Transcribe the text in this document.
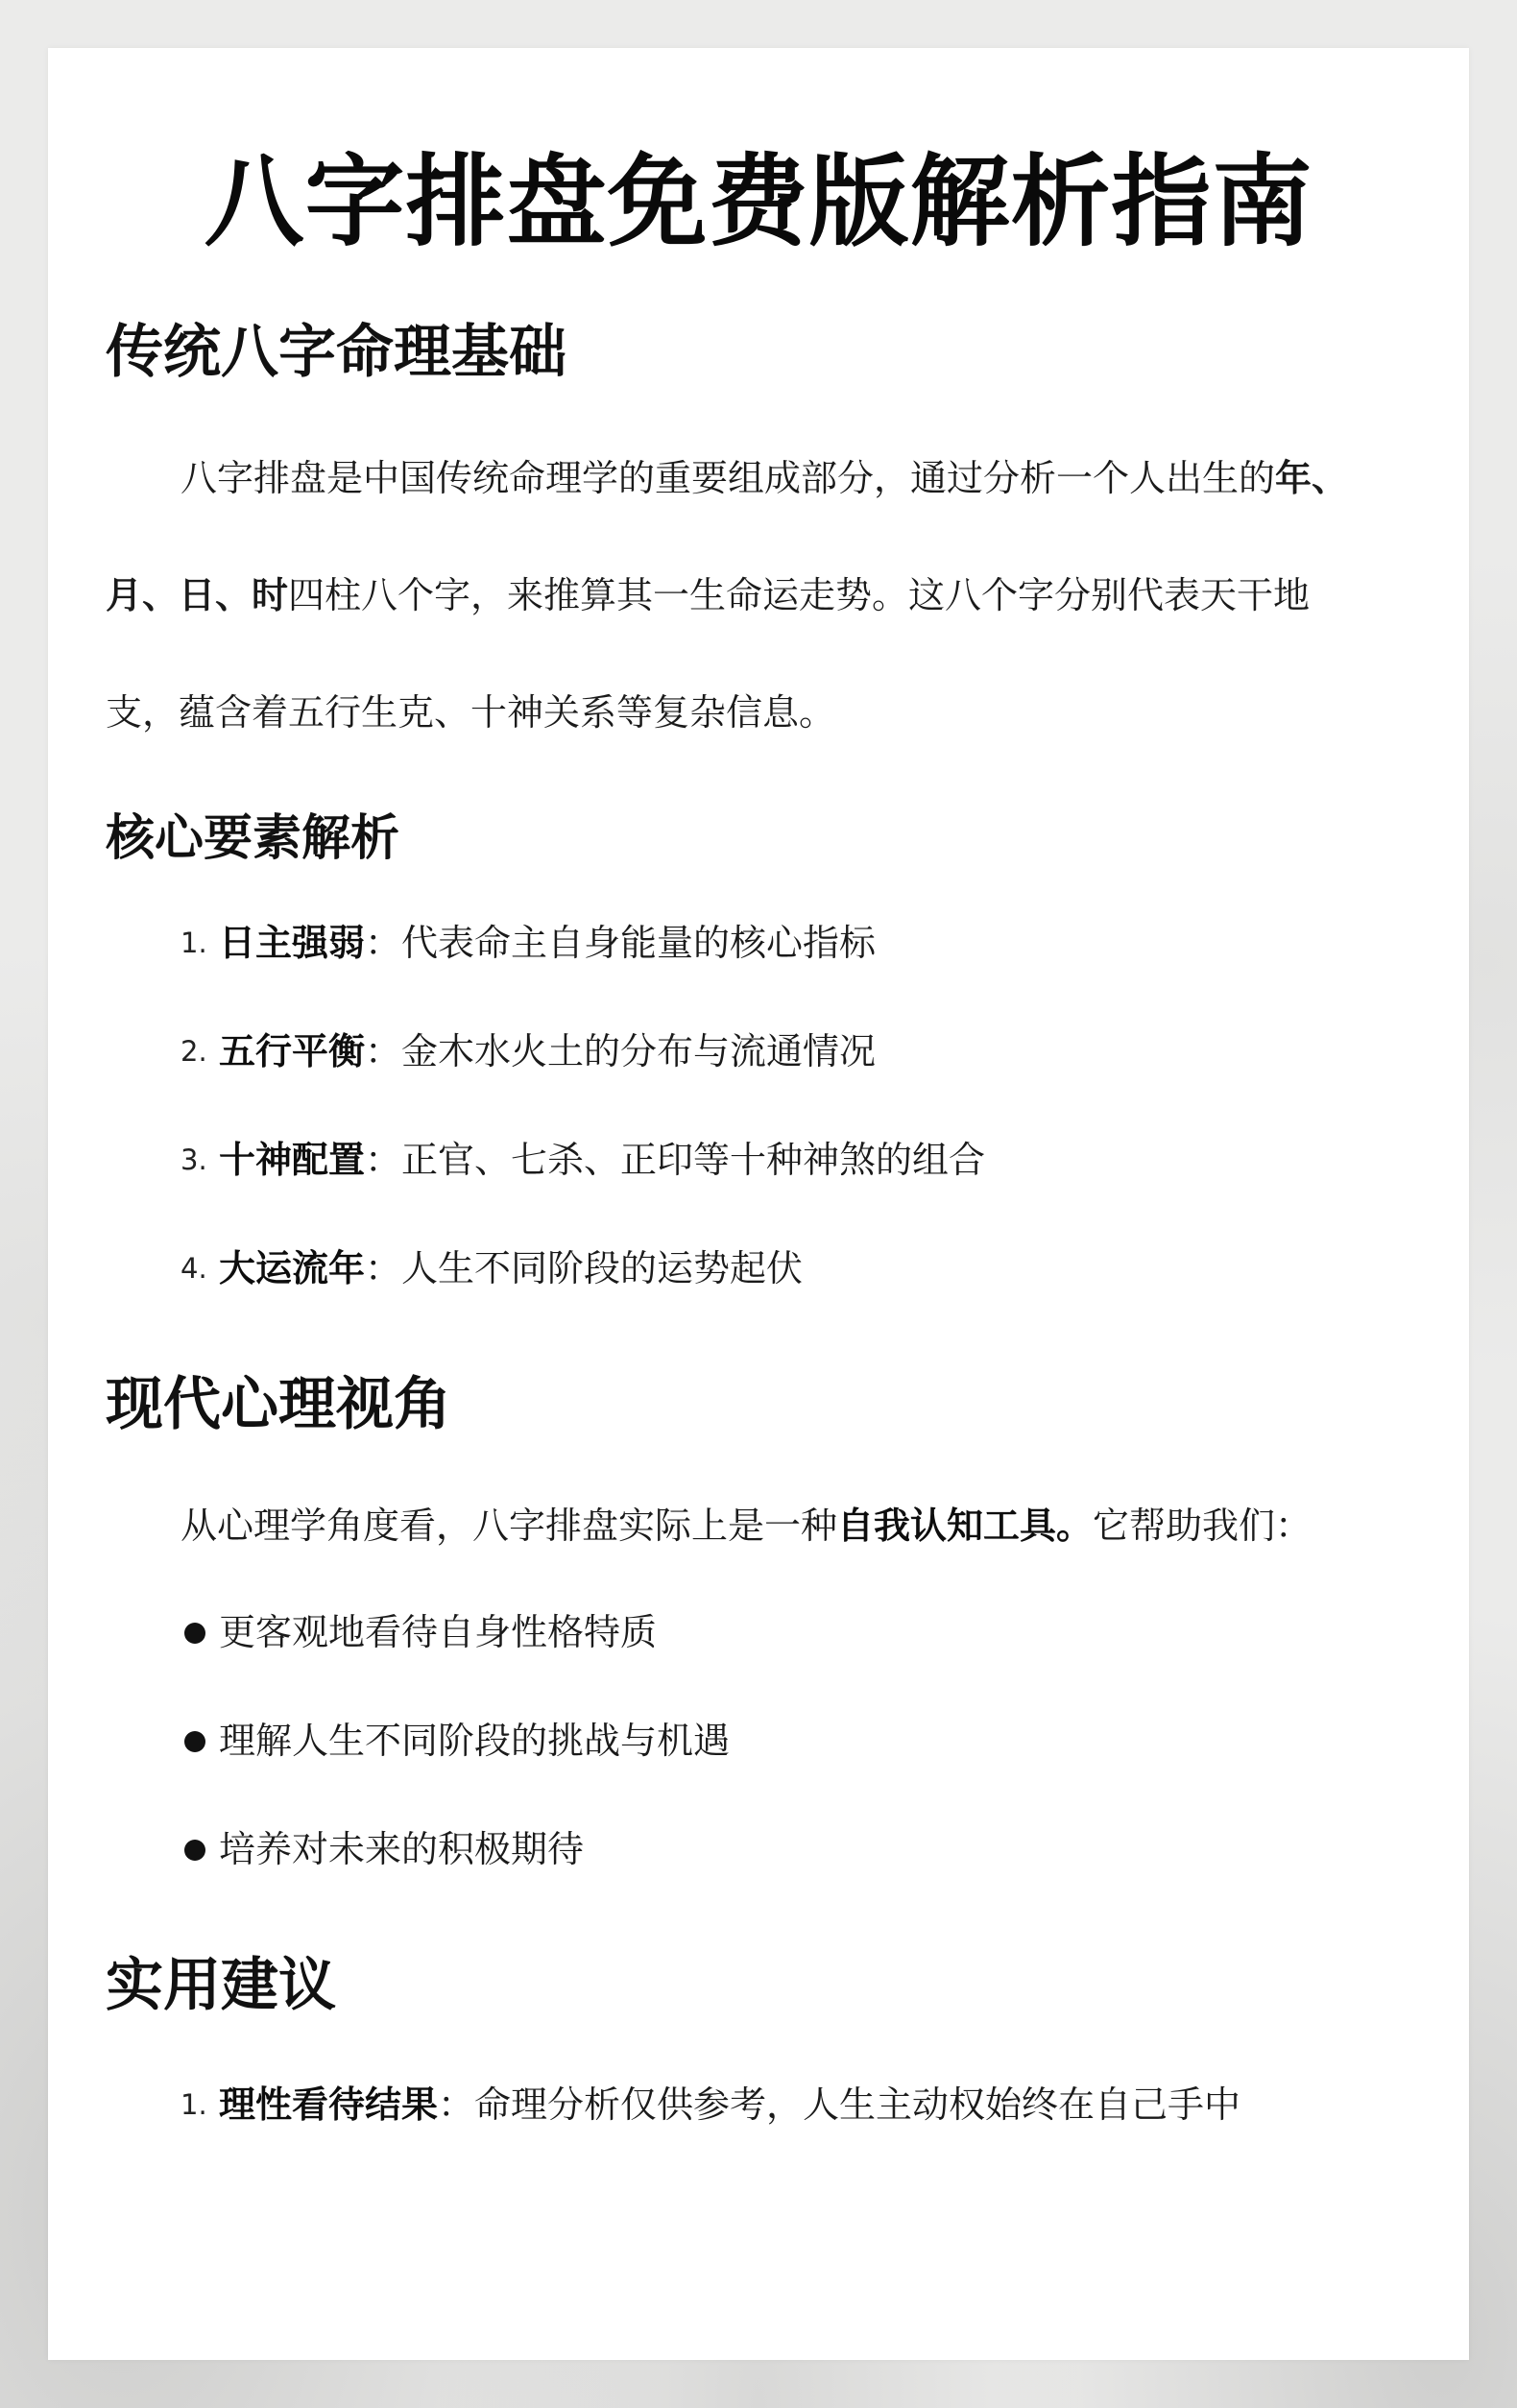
八字排盘免费版解析指南
传统八字命理基础

八字排盘是中国传统命理学的重要组成部分，通过分析一个人出生的年、月、日、时四柱八个字，来推算其一生命运走势。这八个字分别代表天干地支，蕴含着五行生克、十神关系等复杂信息。

核心要素解析
1. 日主强弱：代表命主自身能量的核心指标
2. 五行平衡：金木水火土的分布与流通情况
3. 十神配置：正官、七杀、正印等十种神煞的组合
4. 大运流年：人生不同阶段的运势起伏
现代心理视角

从心理学角度看，八字排盘实际上是一种自我认知工具。它帮助我们：

更客观地看待自身性格特质
理解人生不同阶段的挑战与机遇
培养对未来的积极期待
实用建议
1. 理性看待结果：命理分析仅供参考，人生主动权始终在自己手中
